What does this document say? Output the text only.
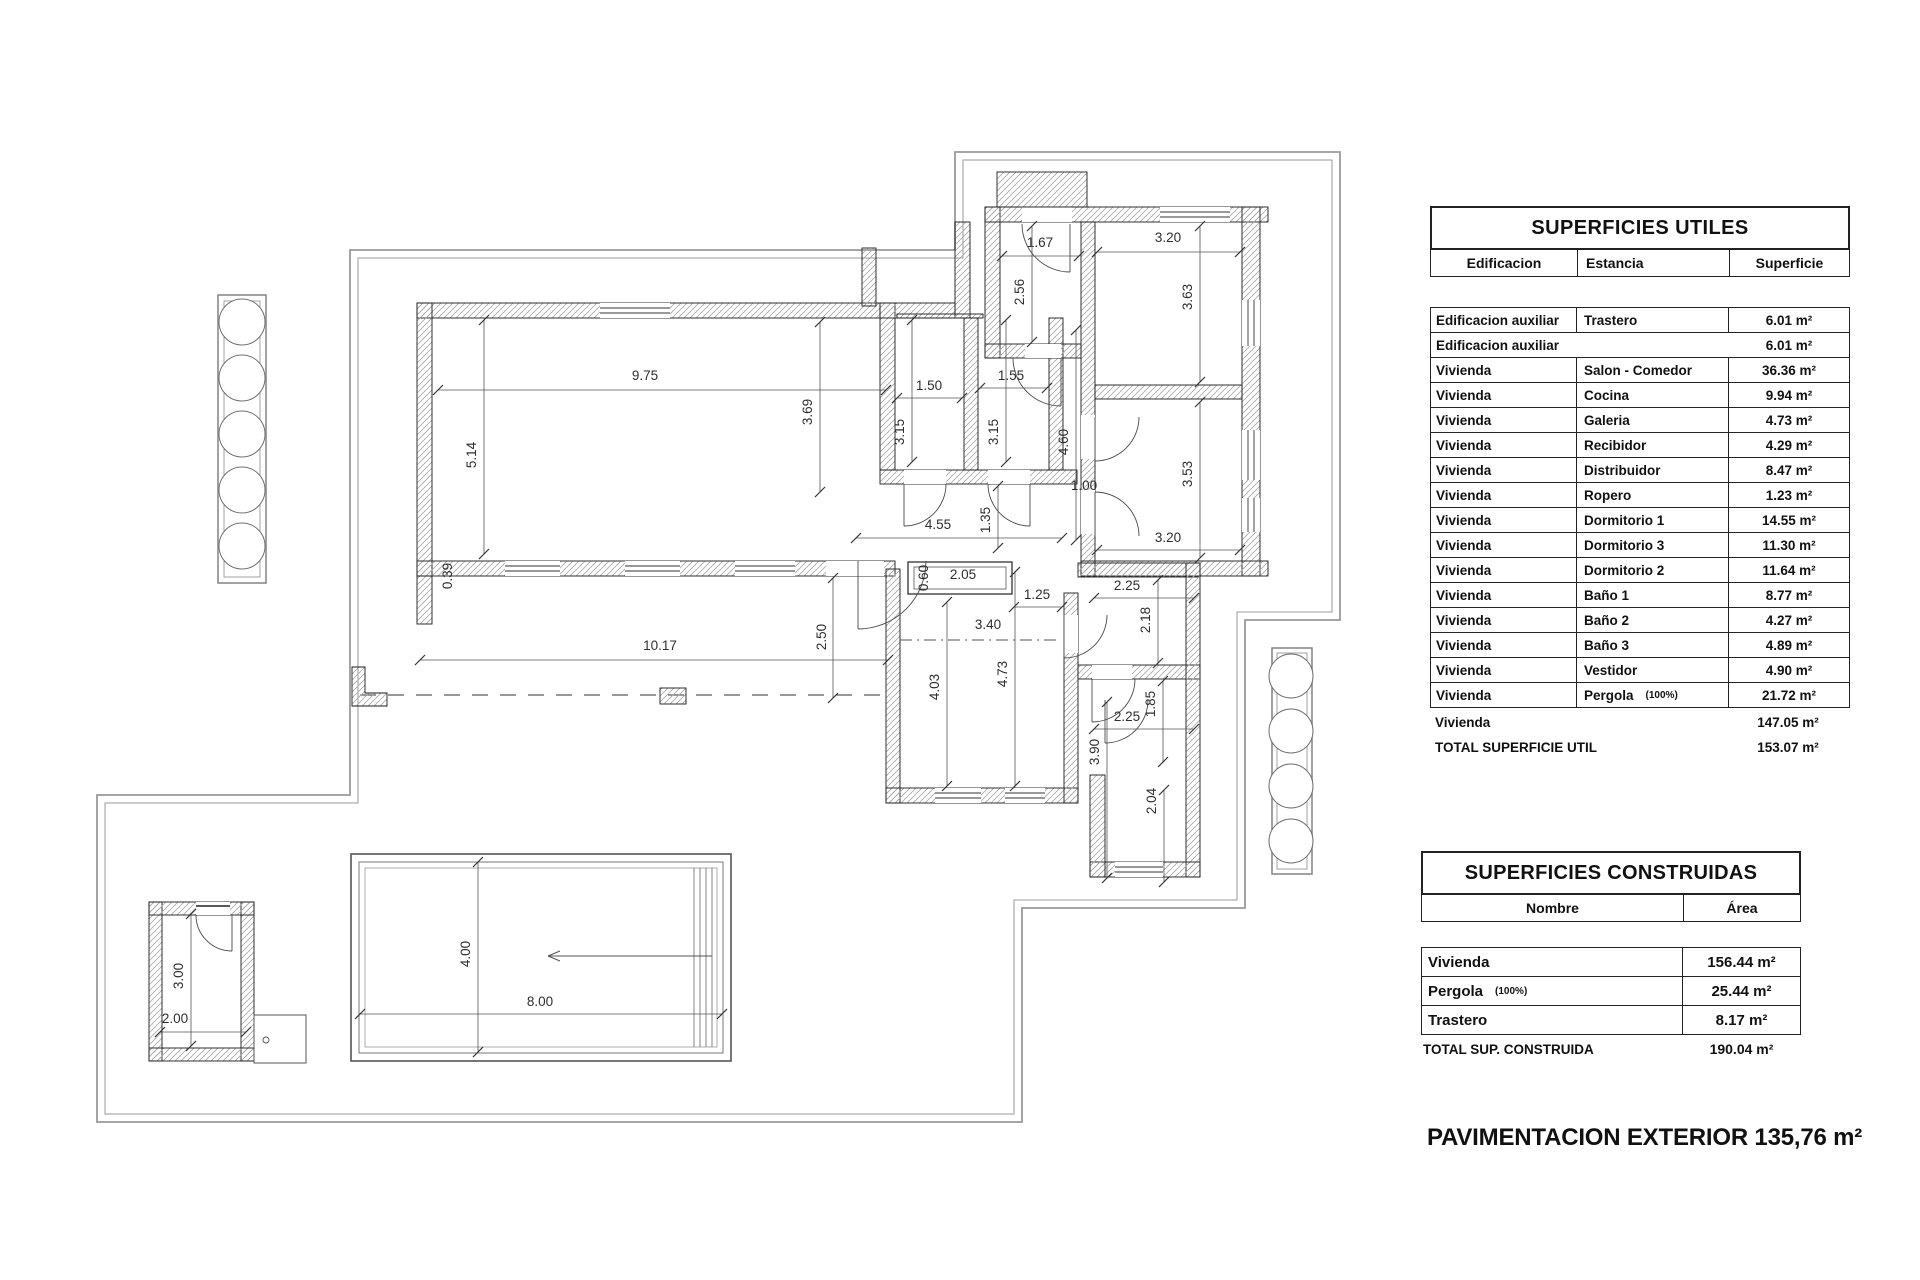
9.75
5.14
0.39
1.50
3.15
1.55
3.15
3.69
1.67
2.56
3.20
3.63
4.60
1.00	3.53
1.35
3.20
4.55
2.50
0.60 2.05
1.25
3.40
4.03	4.73
2.25
2.18
2.25 1.85
3.90
2.04
10.17
4.00
8.00
3.00
2.00
SUPERFICIES UTILES
Edificacion	Estancia	Superficie
Edificacion auxiliar	Trastero	6.01 m²
Edificacion auxiliar	6.01 m²
Vivienda	Salon - Comedor	36.36 m²
Vivienda	Cocina	9.94 m²
Vivienda	Galeria	4.73 m²
Vivienda	Recibidor	4.29 m²
Vivienda	Distribuidor	8.47 m²
Vivienda	Ropero	1.23 m²
Vivienda	Dormitorio 1	14.55 m²
Vivienda	Dormitorio 3	11.30 m²
Vivienda	Dormitorio 2	11.64 m²
Vivienda	Baño 1	8.77 m²
Vivienda	Baño 2	4.27 m²
Vivienda	Baño 3	4.89 m²
Vivienda	Vestidor	4.90 m²
Vivienda	Pergola (100%)	21.72 m²
Vivienda	147.05 m²
TOTAL SUPERFICIE UTIL	153.07 m²
SUPERFICIES CONSTRUIDAS
Nombre	Área
Vivienda	156.44 m²
Pergola (100%)	25.44 m²
Trastero	8.17 m²
TOTAL SUP. CONSTRUIDA	190.04 m²
PAVIMENTACION EXTERIOR 135,76 m²
